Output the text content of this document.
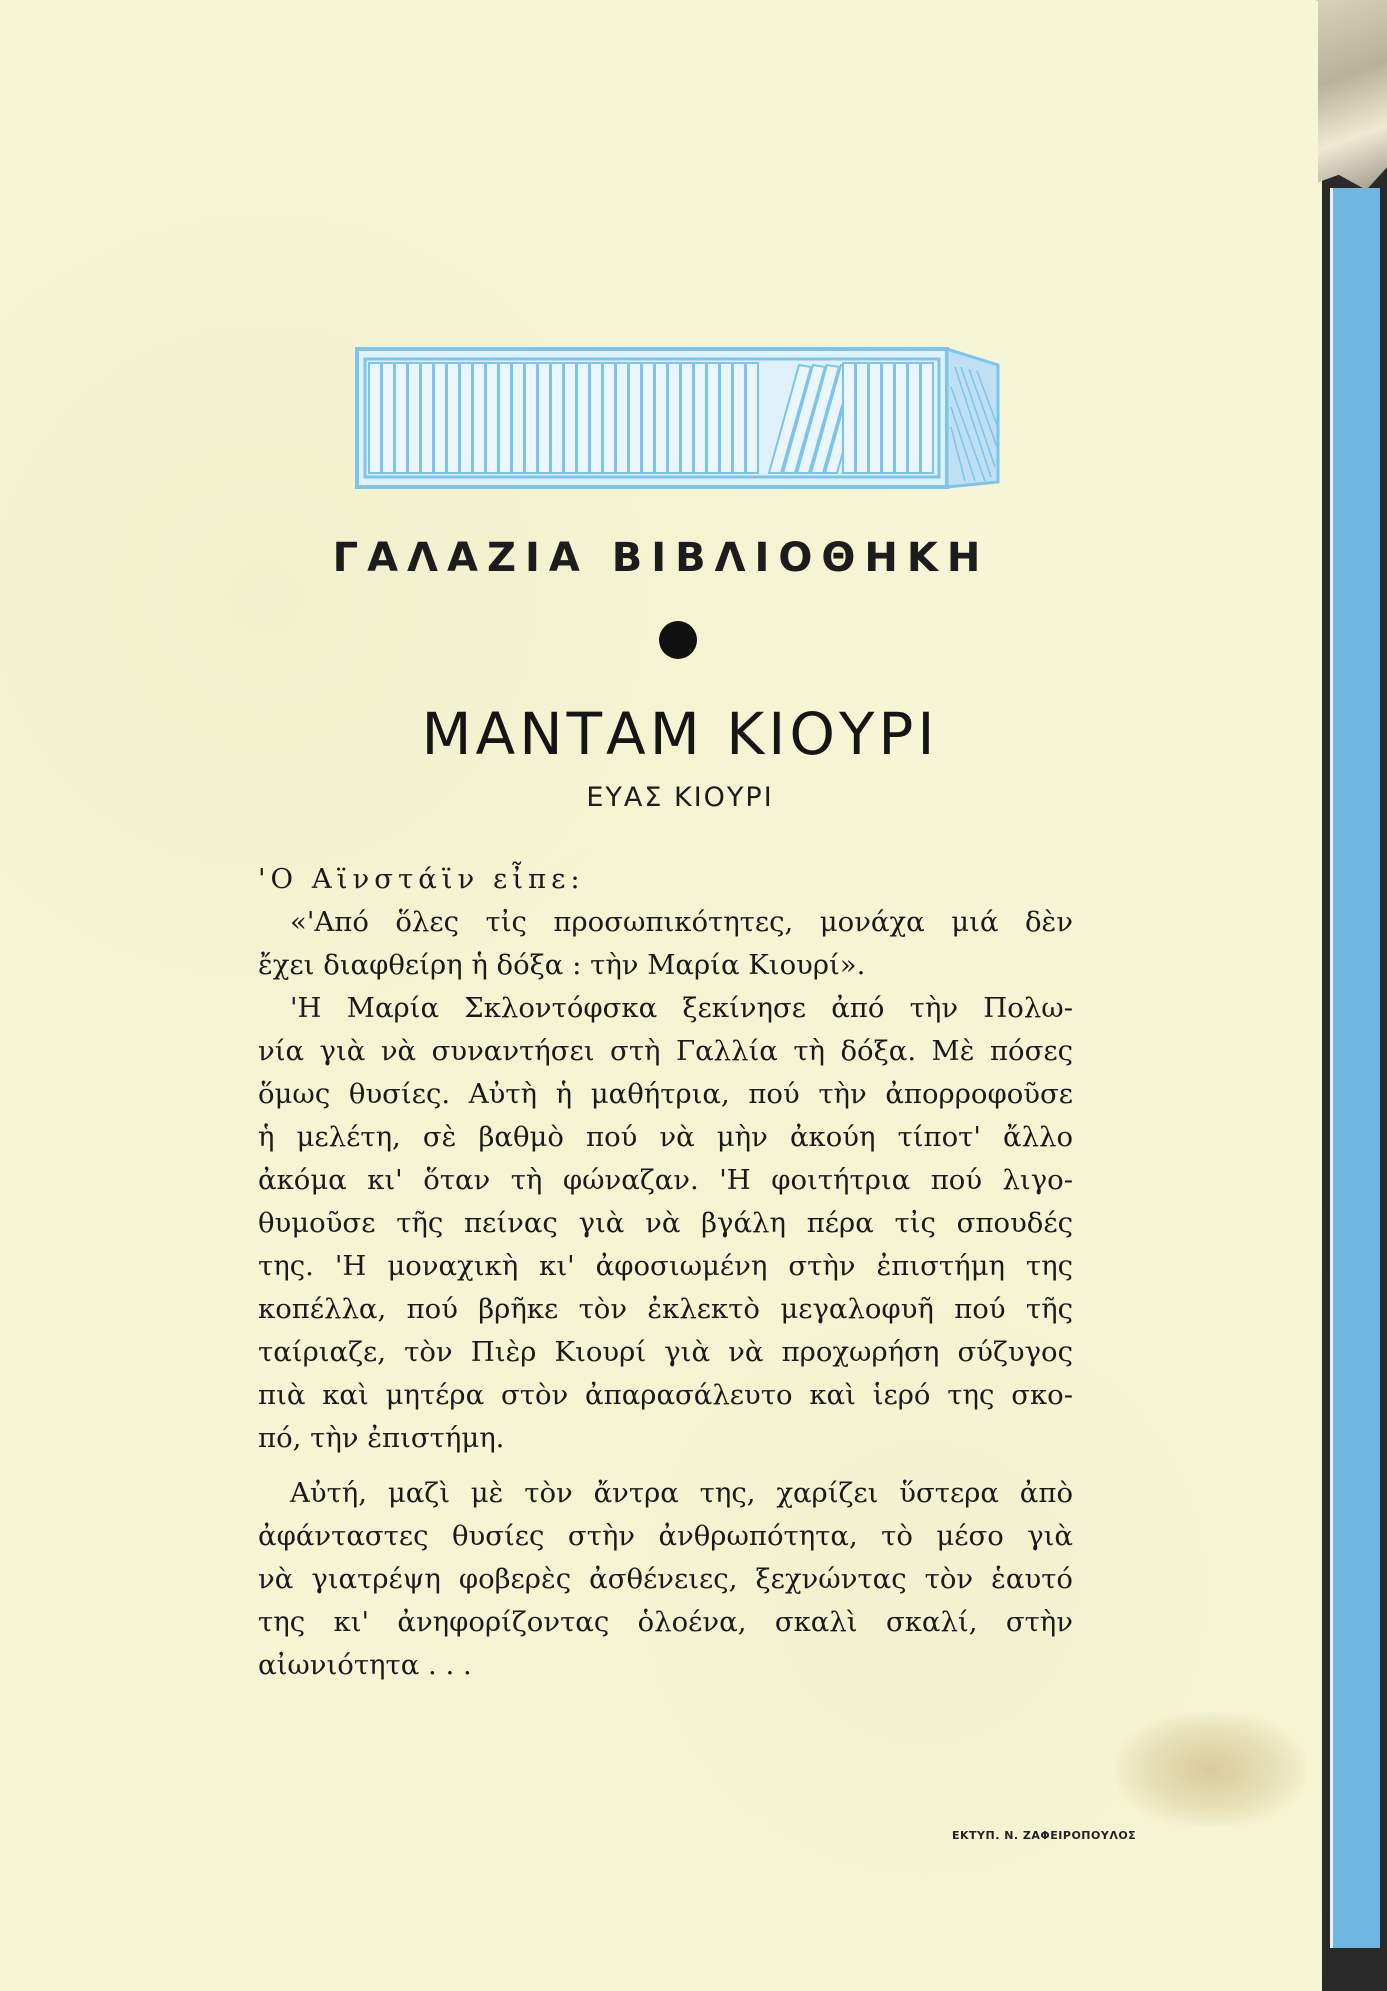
ΓΑΛΑΖΙΑ ΒΙΒΛΙΟΘΗΚΗ
ΜΑΝΤΑΜ ΚΙΟΥΡΙ
ΕΥΑΣ ΚΙΟΥΡΙ

'Ο Αϊνστάϊν εἶπε:

«'Από ὅλες τἰς προσωπικότητες, μονάχα μιά δὲν
ἔχει διαφθείρη ἡ δόξα : τὴν Μαρία Κιουρί».

'Η Μαρία Σκλοντόφσκα ξεκίνησε ἀπό τὴν Πολω-
νία γιὰ νὰ συναντήσει στὴ Γαλλία τὴ δόξα. Μὲ πόσες
ὅμως θυσίες. Αὐτὴ ἡ μαθήτρια, πού τὴν ἀπορροφοῦσε
ἡ μελέτη, σὲ βαθμὸ πού νὰ μὴν ἀκούη τίποτ' ἄλλο
ἀκόμα κι' ὅταν τὴ φώναζαν. 'Η φοιτήτρια πού λιγο-
θυμοῦσε τῆς πείνας γιὰ νὰ βγάλη πέρα τἰς σπουδές
της. 'Η μοναχικὴ κι' ἀφοσιωμένη στὴν ἐπιστήμη της
κοπέλλα, πού βρῆκε τὸν ἐκλεκτὸ μεγαλοφυῆ πού τῆς
ταίριαζε, τὸν Πιὲρ Κιουρί γιὰ νὰ προχωρήση σύζυγος
πιὰ καὶ μητέρα στὸν ἀπαρασάλευτο καὶ ἱερό της σκο-
πό, τὴν ἐπιστήμη.

Αὐτή, μαζὶ μὲ τὸν ἄντρα της, χαρίζει ὕστερα ἀπὸ
ἀφάνταστες θυσίες στὴν ἀνθρωπότητα, τὸ μέσο γιὰ
νὰ γιατρέψη φοβερὲς ἀσθένειες, ξεχνώντας τὸν ἑαυτό
της κι' ἀνηφορίζοντας ὁλοένα, σκαλὶ σκαλί, στὴν
αἰωνιότητα . . .

ΕΚΤΥΠ. Ν. ΖΑΦΕΙΡΟΠΟΥΛΟΣ
